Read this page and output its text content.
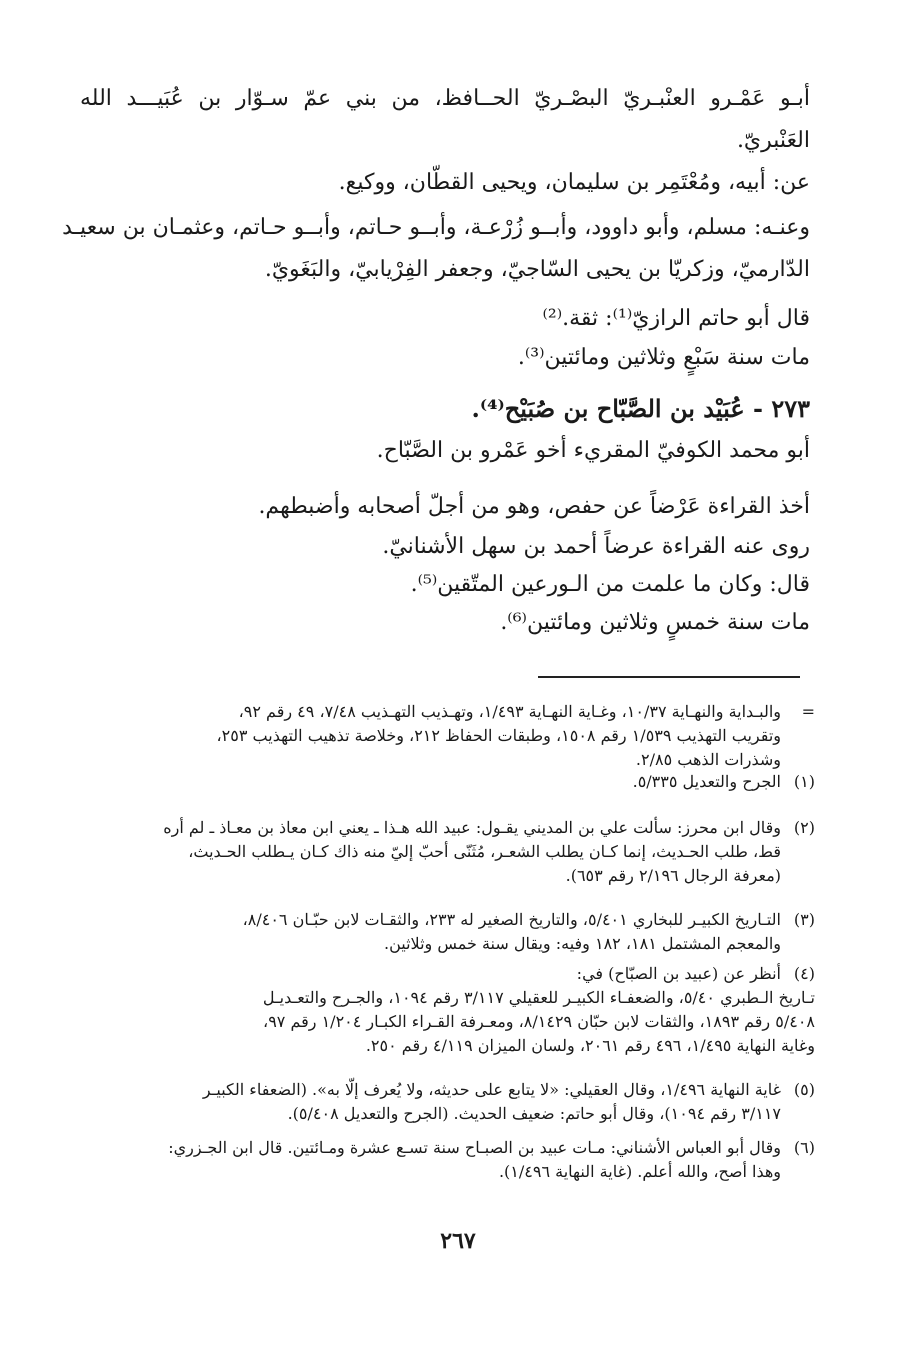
أبـو عَمْـرو العنْبـريّ البصْـريّ الحــافظ، من بني عمّ سـوّار بن عُبَيـــد الله
العَنْبريّ.
عن: أبيه، ومُعْتَمِر بن سليمان، ويحيى القطّان، ووكيع.
وعنـه: مسلم، وأبو داوود، وأبــو زُرْعـة، وأبــو حـاتم، وأبــو حـاتم، وعثمـان بن سعيـد
الدّارميّ، وزكريّا بن يحيى السّاجيّ، وجعفر الفِرْيابيّ، والبَغَويّ.
قال أبو حاتم الرازيّ⁽¹⁾: ثقة.⁽²⁾
مات سنة سَبْعٍ وثلاثين ومائتين⁽³⁾.
٢٧٣ - عُبَيْد بن الصَّبّاح بن صُبَيْح⁽⁴⁾.
أبو محمد الكوفيّ المقريء أخو عَمْرو بن الصَّبّاح.
أخذ القراءة عَرْضاً عن حفص، وهو من أجلّ أصحابه وأضبطهم.
روى عنه القراءة عرضاً أحمد بن سهل الأشنانيّ.
قال: وكان ما علمت من الـورعين المتّقين⁽⁵⁾.
مات سنة خمسٍ وثلاثين ومائتين⁽⁶⁾.
=والبـداية والنهـاية ١٠/٣٧، وغـاية النهـاية ١/٤٩٣، وتهـذيب التهـذيب ٧/٤٨، ٤٩ رقم ٩٢،
وتقريب التهذيب ١/٥٣٩ رقم ١٥٠٨، وطبقات الحفاظ ٢١٢، وخلاصة تذهيب التهذيب ٢٥٣،
وشذرات الذهب ٢/٨٥.
(١)الجرح والتعديل ٥/٣٣٥.
(٢)وقال ابن محرز: سألت علي بن المديني يقـول: عبيد الله هـذا ـ يعني ابن معاذ بن معـاذ ـ لم أره
قط، طلب الحـديث، إنما كـان يطلب الشعـر، مُثَنّى أحبّ إليّ منه ذاك كـان يـطلب الحـديث،
(معرفة الرجال ٢/١٩٦ رقم ٦٥٣).
(٣)التـاريخ الكبيـر للبخاري ٥/٤٠١، والتاريخ الصغير له ٢٣٣، والثقـات لابن حبّـان ٨/٤٠٦،
والمعجم المشتمل ١٨١، ١٨٢ وفيه: ويقال سنة خمس وثلاثين.
(٤)أنظر عن (عبيد بن الصبّاح) في:
تـاريخ الـطبري ٥/٤٠، والضعفـاء الكبيـر للعقيلي ٣/١١٧ رقم ١٠٩٤، والجـرح والتعـديـل
٥/٤٠٨ رقم ١٨٩٣، والثقات لابن حبّان ٨/١٤٢٩، ومعـرفة القـراء الكبـار ١/٢٠٤ رقم ٩٧،
وغاية النهاية ١/٤٩٥، ٤٩٦ رقم ٢٠٦١، ولسان الميزان ٤/١١٩ رقم ٢٥٠.
(٥)غاية النهاية ١/٤٩٦، وقال العقيلي: «لا يتابع على حديثه، ولا يُعرف إلّا به». (الضعفاء الكبيـر
٣/١١٧ رقم ١٠٩٤)، وقال أبو حاتم: ضعيف الحديث. (الجرح والتعديل ٥/٤٠٨).
(٦)وقال أبو العباس الأشناني: مـات عبيد بن الصبـاح سنة تسـع عشرة ومـائتين. قال ابن الجـزري:
وهذا أصح، والله أعلم. (غاية النهاية ١/٤٩٦).
٢٦٧
